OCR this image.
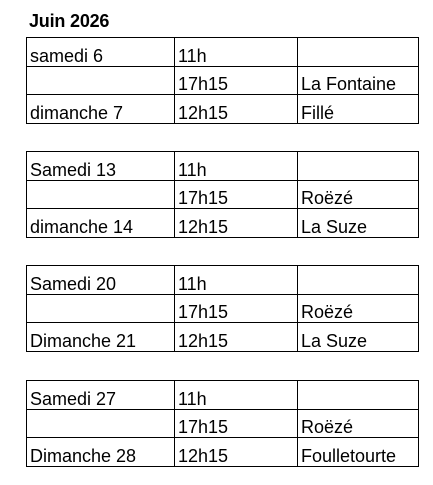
Juin 2026
samedi 6	11h	
	17h15	La Fontaine
dimanche 7	12h15	Fillé
Samedi 13	11h	
	17h15	Roëzé
dimanche 14	12h15	La Suze
Samedi 20	11h	
	17h15	Roëzé
Dimanche 21	12h15	La Suze
Samedi 27	11h	
	17h15	Roëzé
Dimanche 28	12h15	Foulletourte
